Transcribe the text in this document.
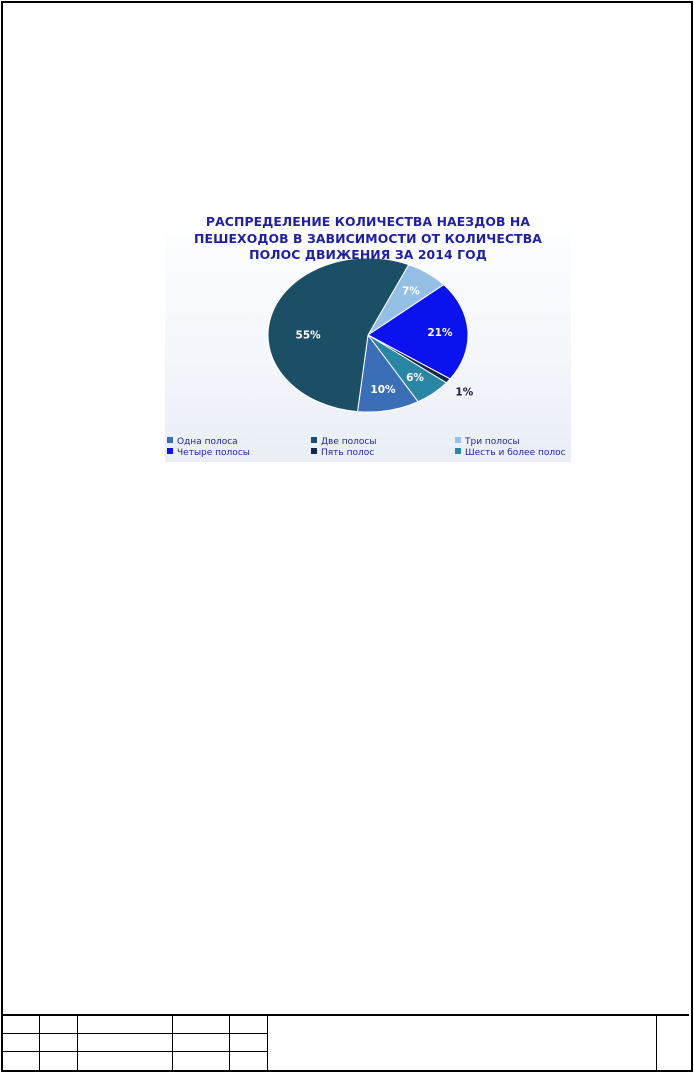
7%
21%
1%
6%
10%
55%
РАСПРЕДЕЛЕНИЕ КОЛИЧЕСТВА НАЕЗДОВ НА
ПЕШЕХОДОВ В ЗАВИСИМОСТИ ОТ КОЛИЧЕСТВА
ПОЛОС ДВИЖЕНИЯ ЗА 2014 ГОД
Одна полоса	Две полосы	Три полосы
Четыре полосы	Пять полос	Шесть и более полос
